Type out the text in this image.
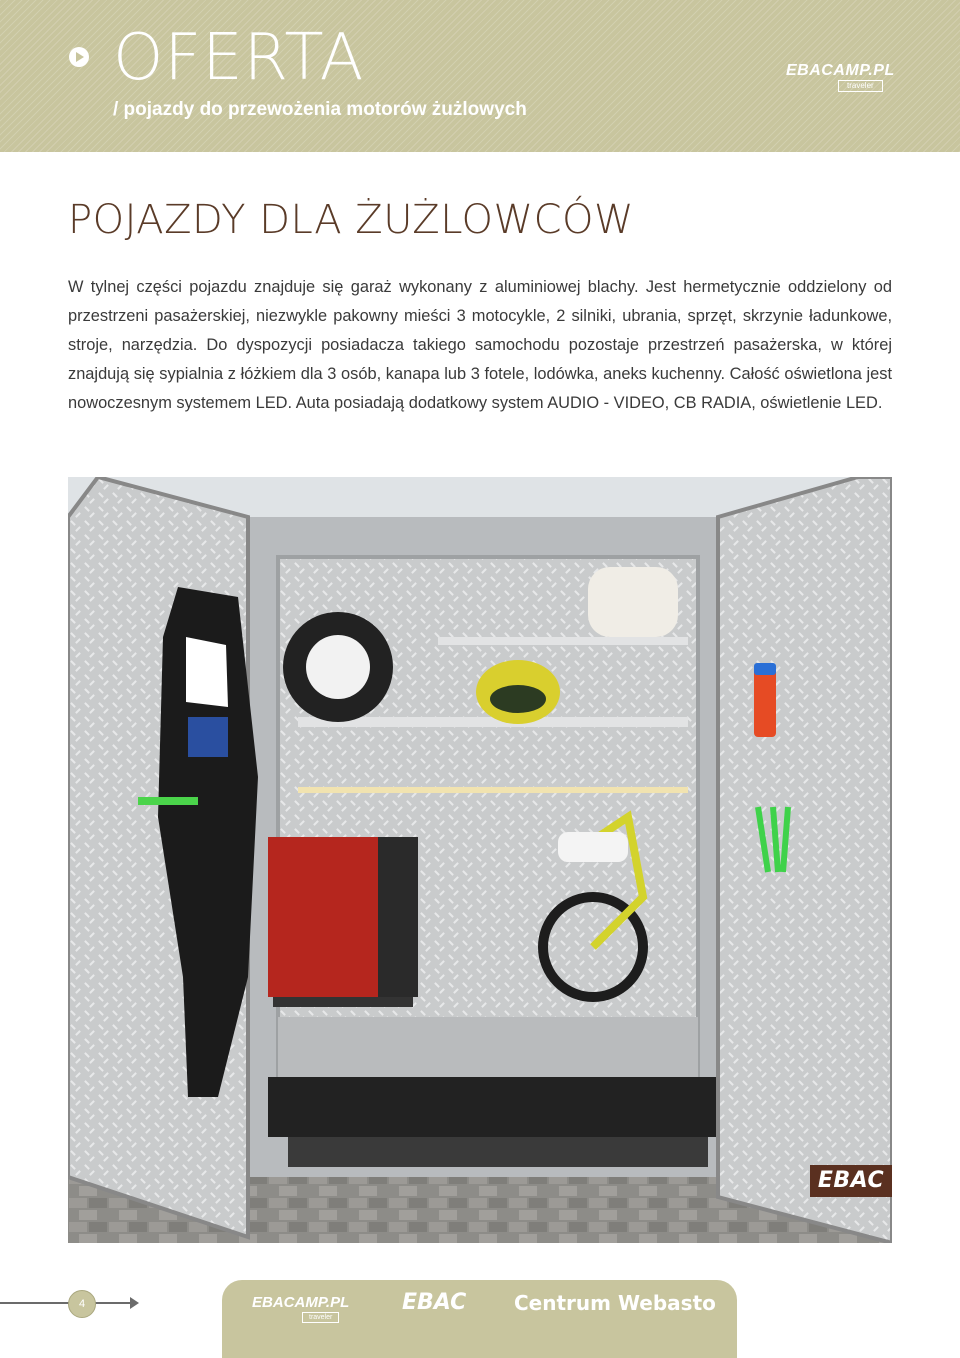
OFERTA
/ pojazdy do przewożenia motorów żużlowych
EBACAMP.PL
traveler
POJAZDY DLA ŻUŻLOWCÓW

W tylnej części pojazdu znajduje się garaż wykonany z aluminiowej blachy. Jest hermetycznie oddzielony od przestrzeni pasażerskiej, niezwykle pakowny mieści 3 motocykle, 2 silniki, ubrania, sprzęt, skrzynie ładunkowe, stroje, narzędzia. Do dyspozycji posiadacza takiego samochodu pozostaje przestrzeń pasażerska, w której znajdują się sypialnia z łóżkiem dla 3 osób, kanapa lub 3 fotele, lodówka, aneks kuchenny. Całość oświetlona jest nowoczesnym systemem LED. Auta posiadają dodatkowy system AUDIO - VIDEO, CB RADIA, oświetlenie LED.

EBAC
4	EBACAMP.PL
traveler
EBAC Centrum Webasto
